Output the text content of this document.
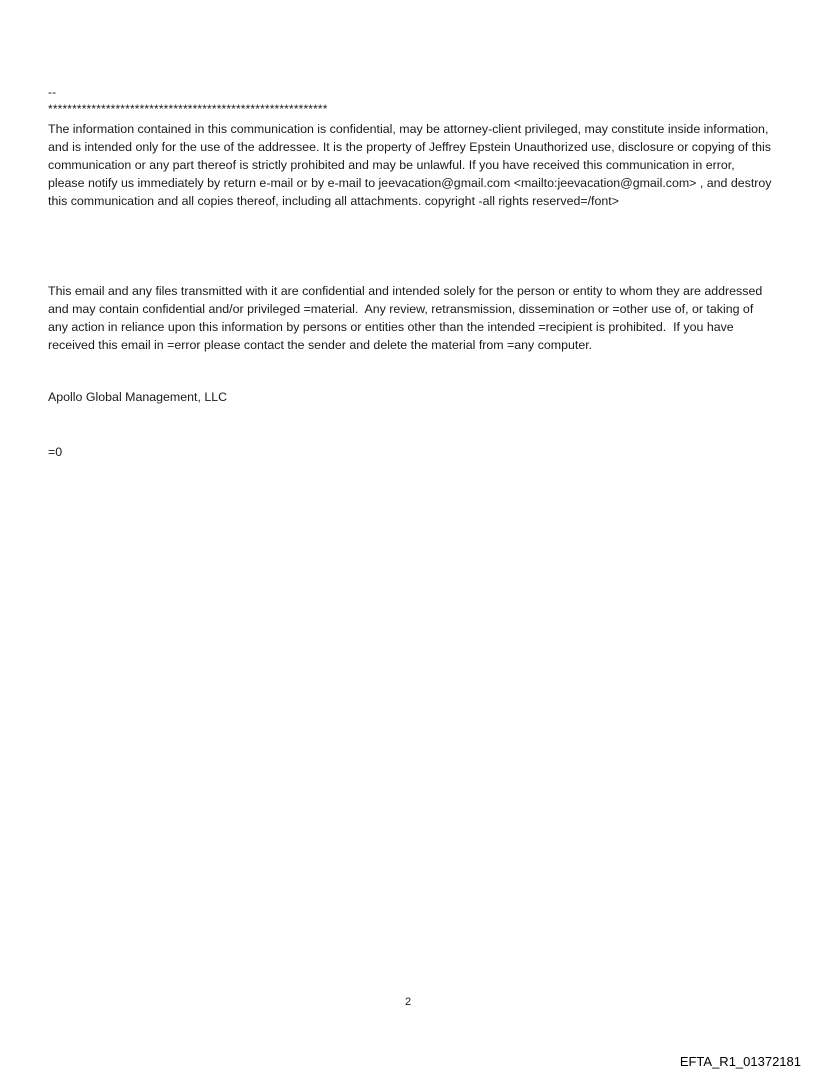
--
**********************************************************
The information contained in this communication is confidential, may be attorney-client privileged, may constitute inside information, and is intended only for the use of the addressee. It is the property of Jeffrey Epstein Unauthorized use, disclosure or copying of this communication or any part thereof is strictly prohibited and may be unlawful. If you have received this communication in error, please notify us immediately by return e-mail or by e-mail to jeevacation@gmail.com <mailto:jeevacation@gmail.com> , and destroy this communication and all copies thereof, including all attachments. copyright -all rights reserved=/font>
This email and any files transmitted with it are confidential and intended solely for the person or entity to whom they are addressed and may contain confidential and/or privileged =material.  Any review, retransmission, dissemination or =other use of, or taking of any action in reliance upon this information by persons or entities other than the intended =recipient is prohibited.  If you have received this email in =error please contact the sender and delete the material from =any computer.
Apollo Global Management, LLC
=0
2
EFTA_R1_01372181
